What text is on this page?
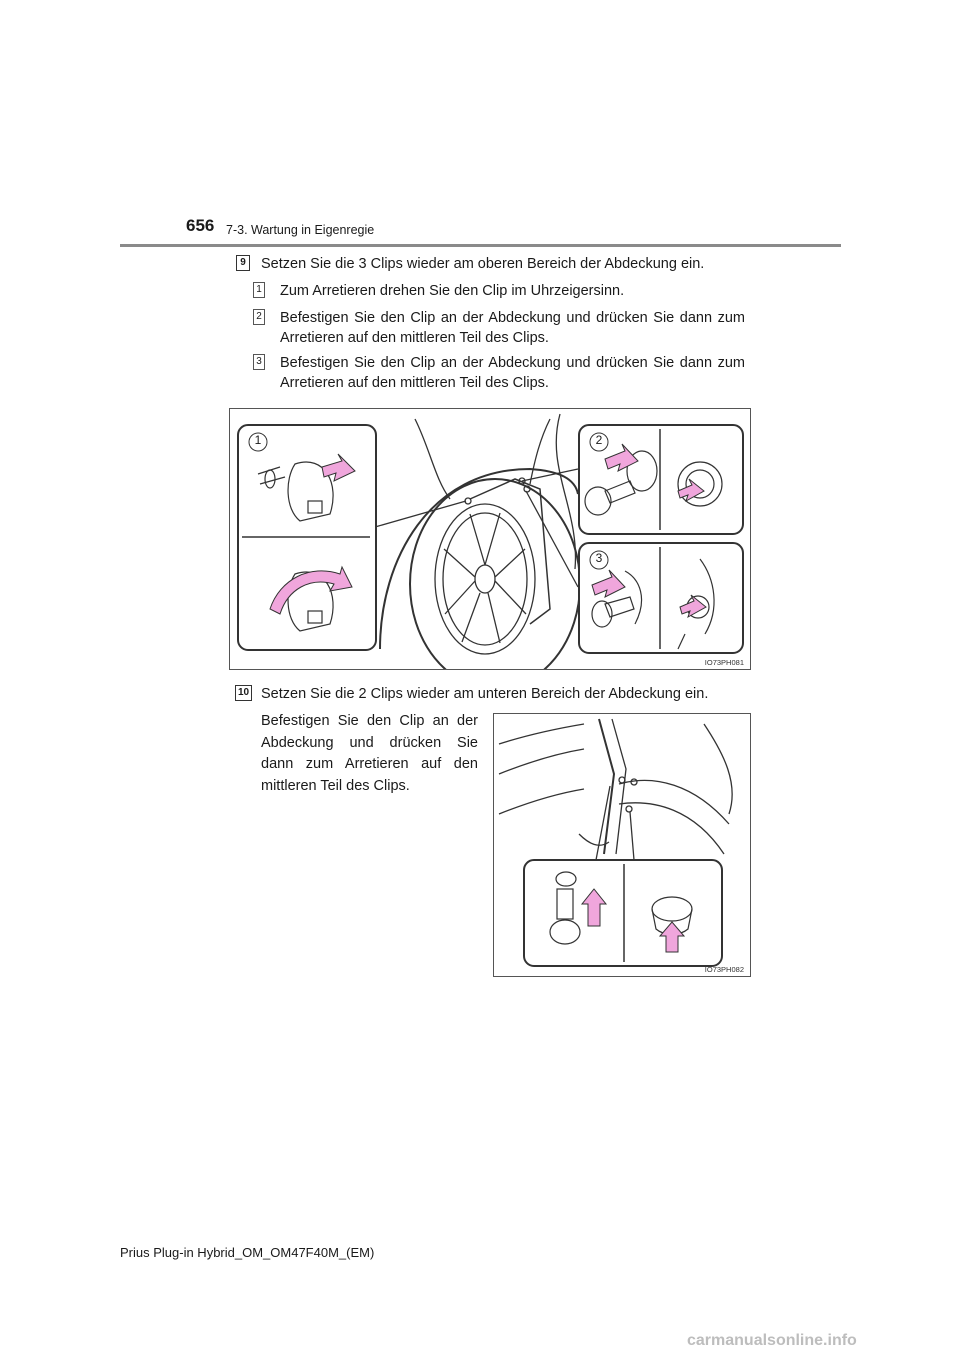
656 7-3. Wartung in Eigenregie
9 Setzen Sie die 3 Clips wieder am oberen Bereich der Abdeckung ein.
1 Zum Arretieren drehen Sie den Clip im Uhrzeigersinn.
2 Befestigen Sie den Clip an der Abdeckung und drücken Sie dann zum Arretieren auf den mittleren Teil des Clips.
3 Befestigen Sie den Clip an der Abdeckung und drücken Sie dann zum Arretieren auf den mittleren Teil des Clips.
IO73PH081
1	2
3
10 Setzen Sie die 2 Clips wieder am unteren Bereich der Abdeckung ein.
Befestigen Sie den Clip an der Abdeckung und drücken Sie dann zum Arretieren auf den mittleren Teil des Clips.
IO73PH082
Prius Plug-in Hybrid_OM_OM47F40M_(EM)
carmanualsonline.info
